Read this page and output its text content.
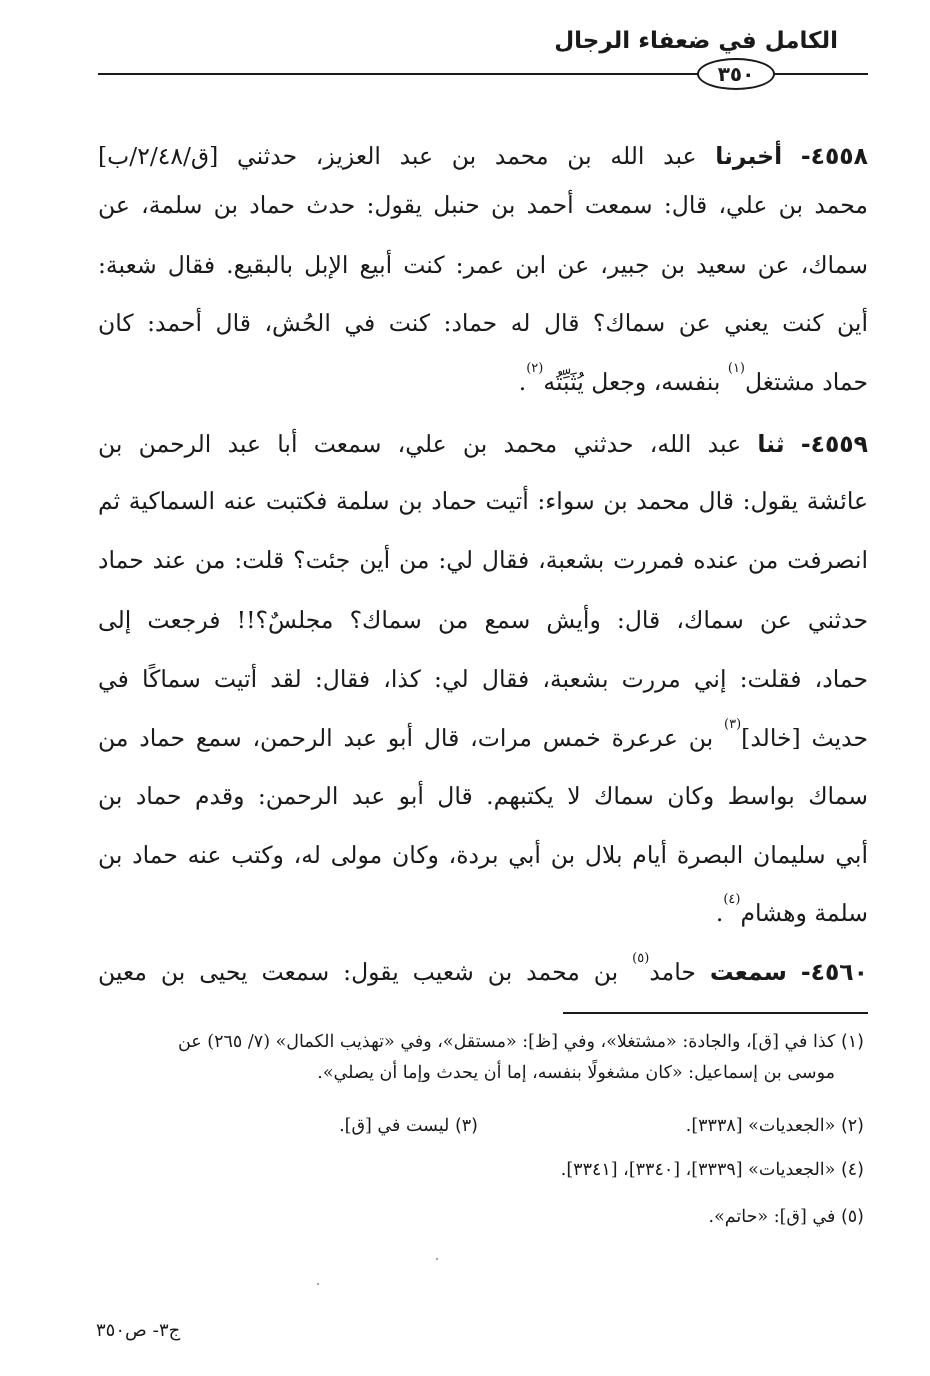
الكامل في ضعفاء الرجال
٣٥٠
٤٥٥٨- أخبرنا عبد الله بن محمد بن عبد العزيز، حدثني [ق/٢/٤٨/ب]
محمد بن علي، قال: سمعت أحمد بن حنبل يقول: حدث حماد بن سلمة، عن
سماك، عن سعيد بن جبير، عن ابن عمر: كنت أبيع الإبل بالبقيع. فقال شعبة:
أين كنت يعني عن سماك؟ قال له حماد: كنت في الحُش، قال أحمد: كان
حماد مشتغل$^{(١)}$ بنفسه، وجعل يُثَبِّتُه$^{(٢)}$.
٤٥٥٩- ثنا عبد الله، حدثني محمد بن علي، سمعت أبا عبد الرحمن بن
عائشة يقول: قال محمد بن سواء: أتيت حماد بن سلمة فكتبت عنه السماكية ثم
انصرفت من عنده فمررت بشعبة، فقال لي: من أين جئت؟ قلت: من عند حماد
حدثني عن سماك، قال: وأيش سمع من سماك؟ مجلسٌ؟!! فرجعت إلى
حماد، فقلت: إني مررت بشعبة، فقال لي: كذا، فقال: لقد أتيت سماكًا في
حديث [خالد]$^{(٣)}$ بن عرعرة خمس مرات، قال أبو عبد الرحمن، سمع حماد من
سماك بواسط وكان سماك لا يكتبهم. قال أبو عبد الرحمن: وقدم حماد بن
أبي سليمان البصرة أيام بلال بن أبي بردة، وكان مولى له، وكتب عنه حماد بن
سلمة وهشام$^{(٤)}$.
٤٥٦٠- سمعت حامد$^{(٥)}$ بن محمد بن شعيب يقول: سمعت يحيى بن معين
(١) كذا في [ق]، والجادة: «مشتغلا»، وفي [ظ]: «مستقل»، وفي «تهذيب الكمال» (٧/ ٢٦٥) عن
موسى بن إسماعيل: «كان مشغولًا بنفسه، إما أن يحدث وإما أن يصلي».
(٢) «الجعديات» [٣٣٣٨].
(٣) ليست في [ق].
(٤) «الجعديات» [٣٣٣٩]، [٣٣٤٠]، [٣٣٤١].
(٥) في [ق]: «حاتم».
ج٣- ص٣٥٠
